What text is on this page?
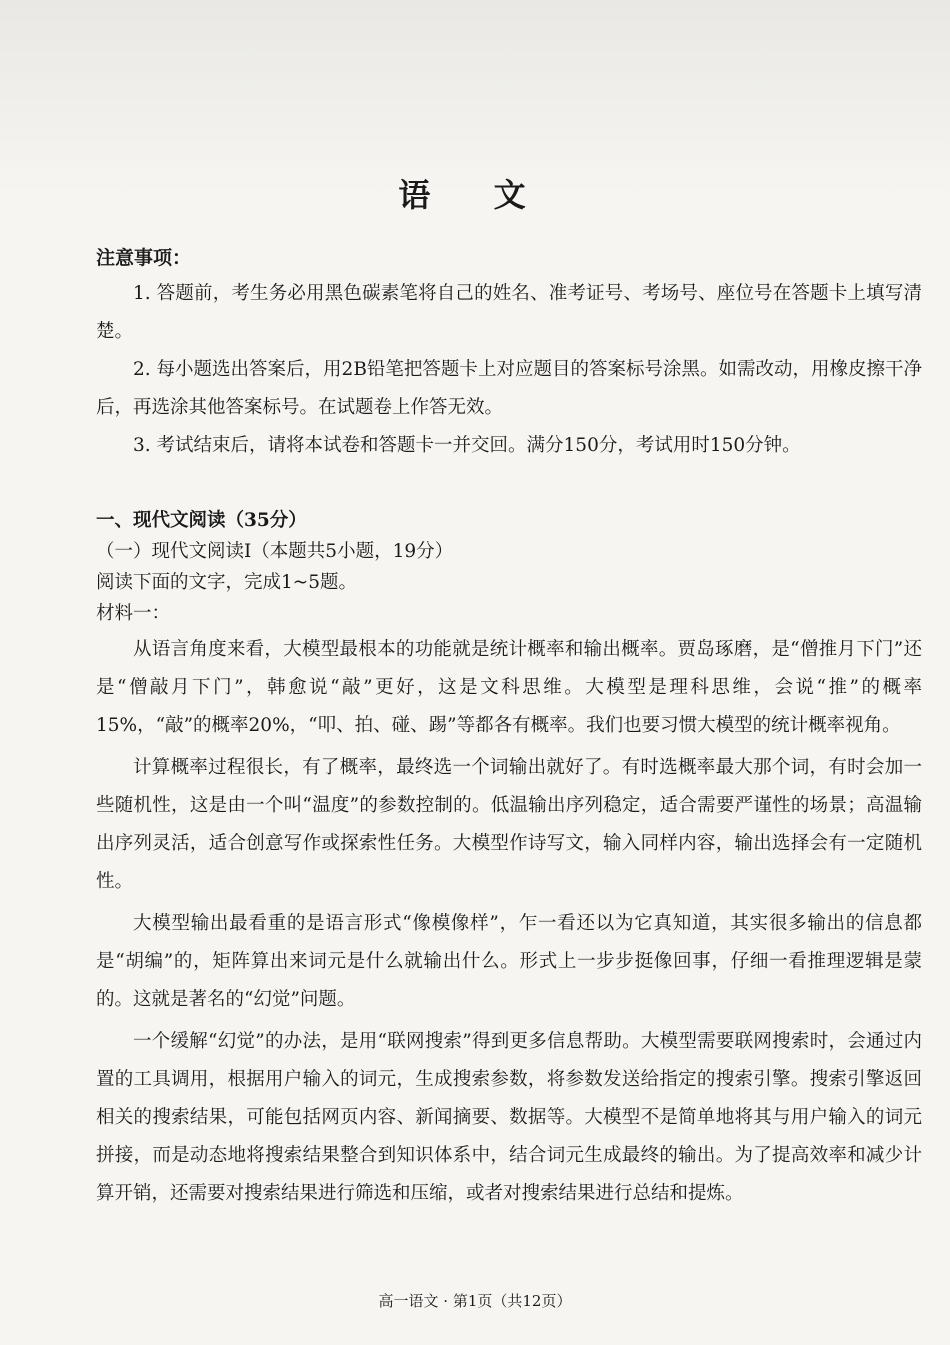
语 文
注意事项：

1. 答题前，考生务必用黑色碳素笔将自己的姓名、准考证号、考场号、座位号在答题卡上填写清楚。

2. 每小题选出答案后，用2B铅笔把答题卡上对应题目的答案标号涂黑。如需改动，用橡皮擦干净后，再选涂其他答案标号。在试题卷上作答无效。

3. 考试结束后，请将本试卷和答题卡一并交回。满分150分，考试用时150分钟。

一、现代文阅读（35分）
（一）现代文阅读Ⅰ（本题共5小题，19分）
阅读下面的文字，完成1~5题。
材料一：

从语言角度来看，大模型最根本的功能就是统计概率和输出概率。贾岛琢磨，是“僧推月下门”还是“僧敲月下门”，韩愈说“敲”更好，这是文科思维。大模型是理科思维，会说“推”的概率15%，“敲”的概率20%，“叩、拍、碰、踢”等都各有概率。我们也要习惯大模型的统计概率视角。

计算概率过程很长，有了概率，最终选一个词输出就好了。有时选概率最大那个词，有时会加一些随机性，这是由一个叫“温度”的参数控制的。低温输出序列稳定，适合需要严谨性的场景；高温输出序列灵活，适合创意写作或探索性任务。大模型作诗写文，输入同样内容，输出选择会有一定随机性。

大模型输出最看重的是语言形式“像模像样”，乍一看还以为它真知道，其实很多输出的信息都是“胡编”的，矩阵算出来词元是什么就输出什么。形式上一步步挺像回事，仔细一看推理逻辑是蒙的。这就是著名的“幻觉”问题。

一个缓解“幻觉”的办法，是用“联网搜索”得到更多信息帮助。大模型需要联网搜索时，会通过内置的工具调用，根据用户输入的词元，生成搜索参数，将参数发送给指定的搜索引擎。搜索引擎返回相关的搜索结果，可能包括网页内容、新闻摘要、数据等。大模型不是简单地将其与用户输入的词元拼接，而是动态地将搜索结果整合到知识体系中，结合词元生成最终的输出。为了提高效率和减少计算开销，还需要对搜索结果进行筛选和压缩，或者对搜索结果进行总结和提炼。

高一语文 · 第1页（共12页）
